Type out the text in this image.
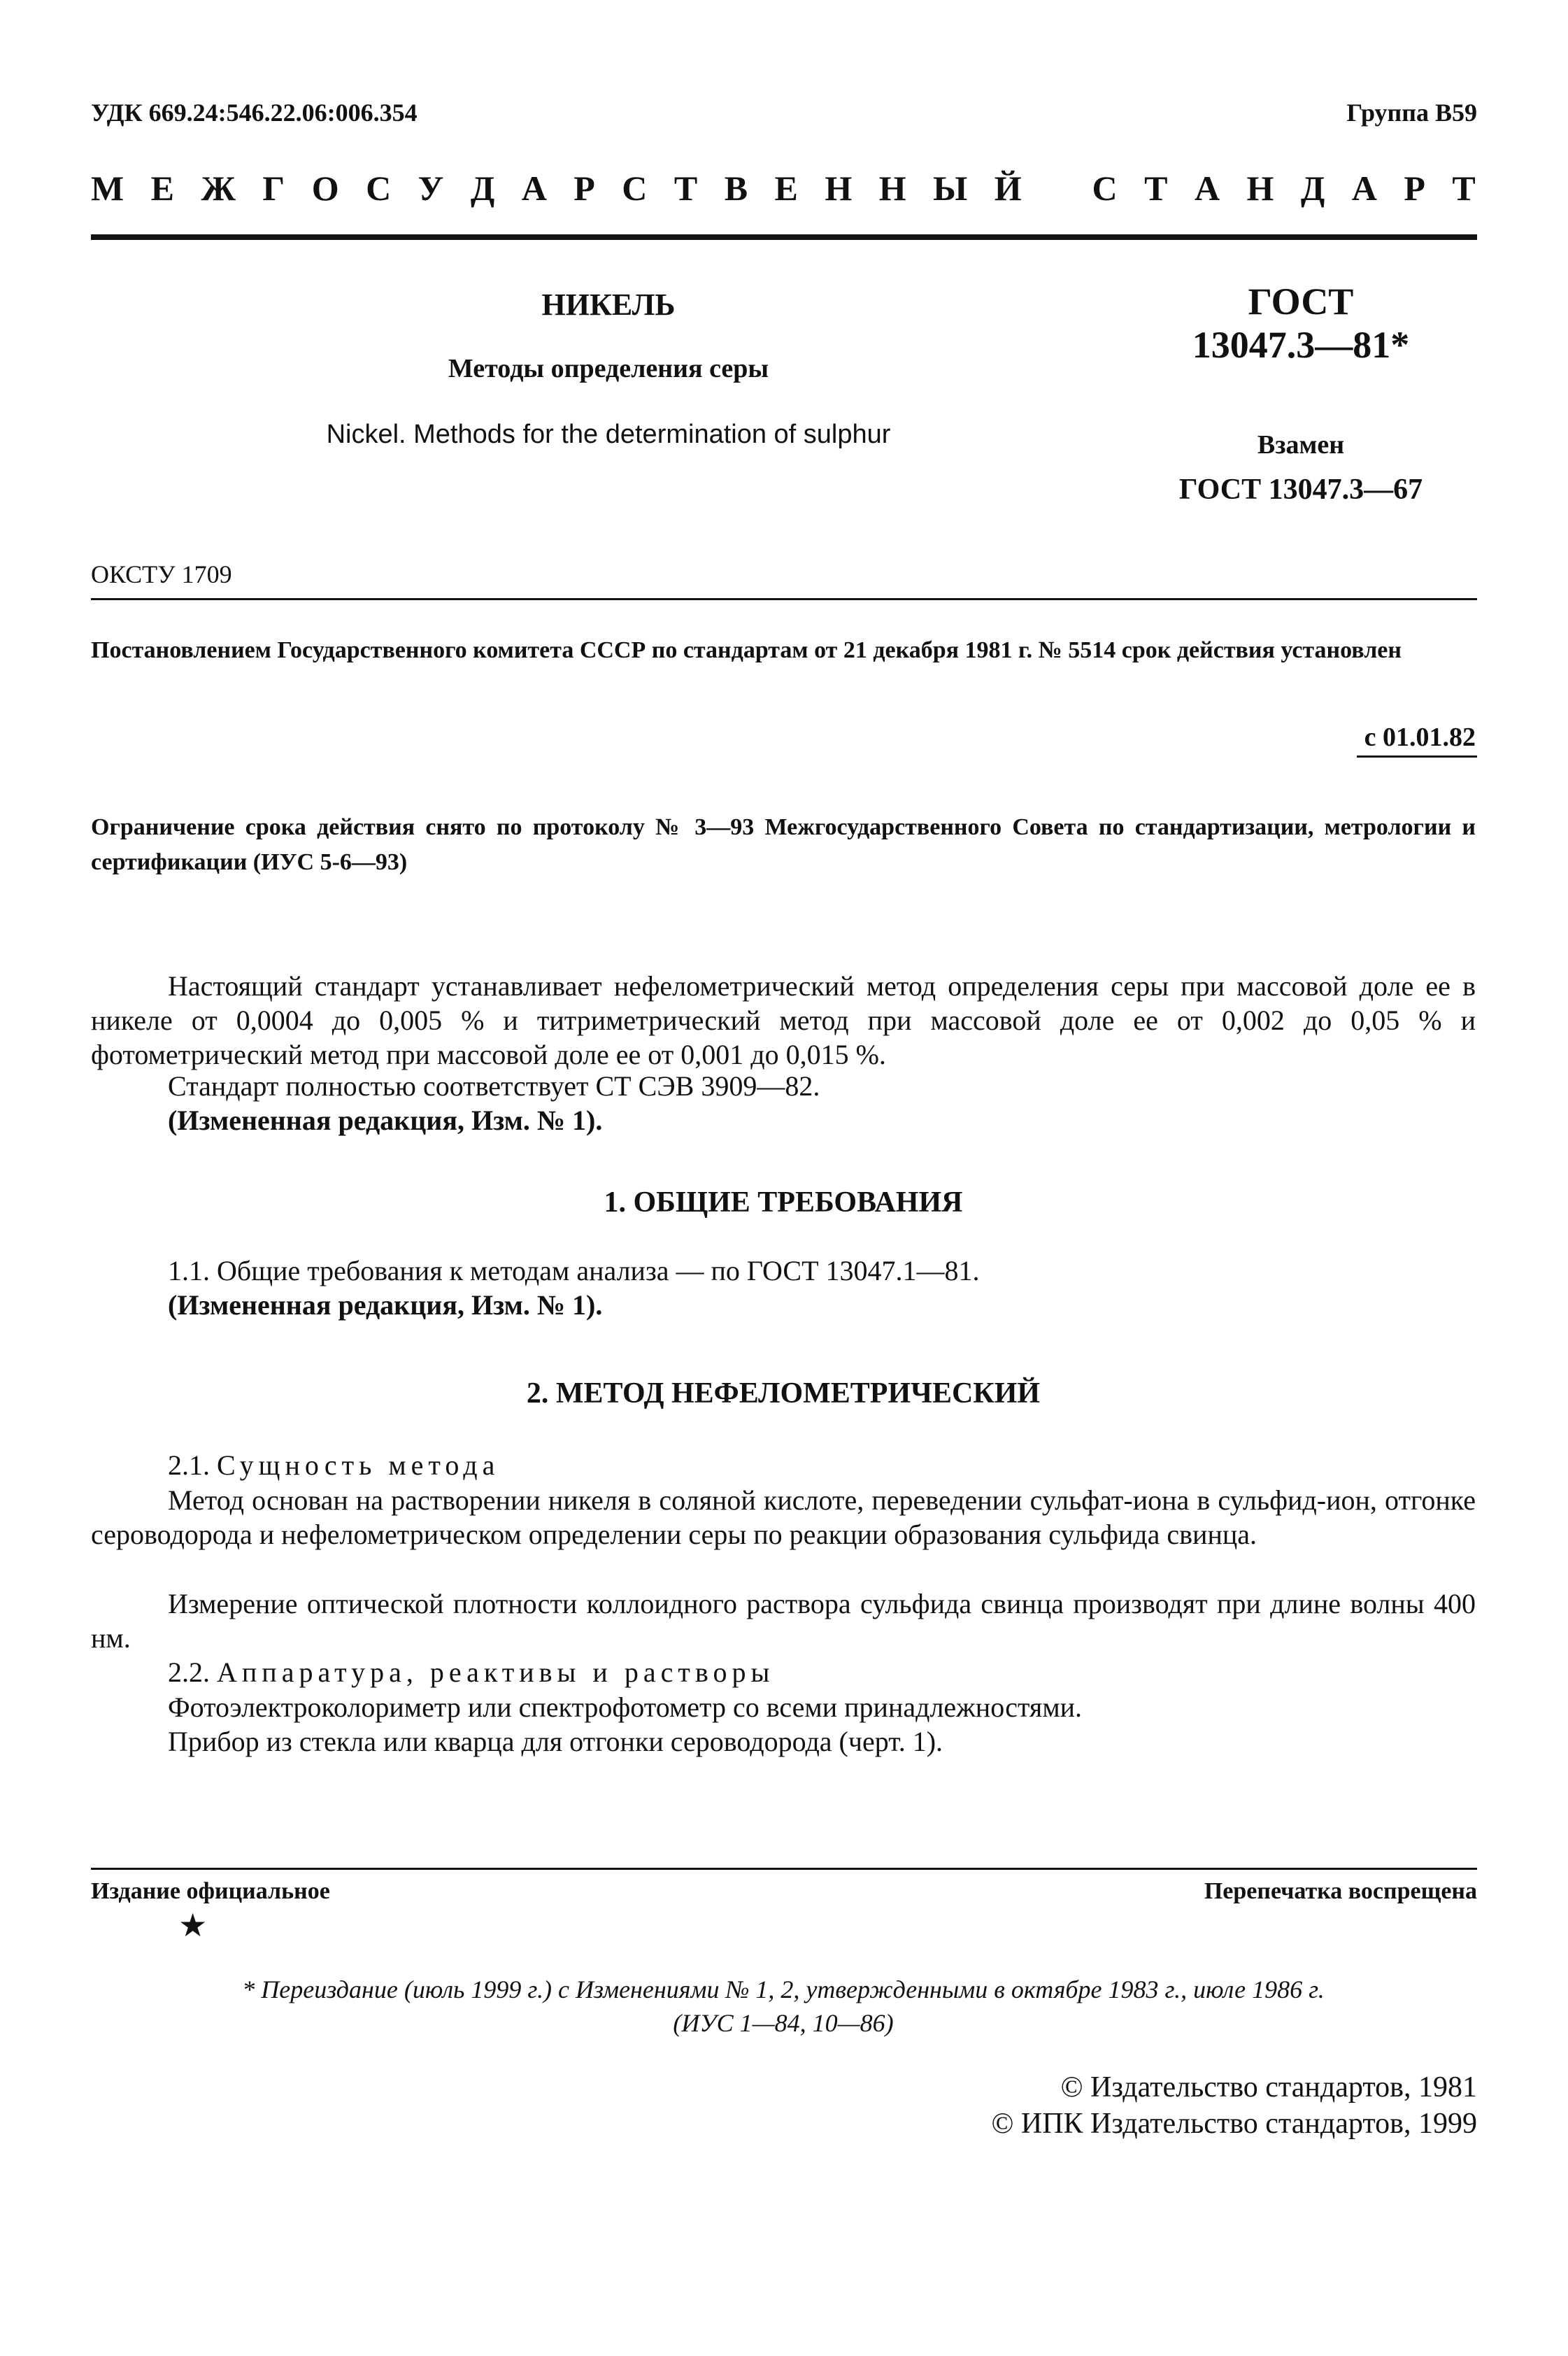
УДК 669.24:546.22.06:006.354	Группа В59
М Е Ж Г О С У Д А Р С Т В Е Н Н Ы Й С Т А Н Д А Р Т
НИКЕЛЬ
Методы определения серы
Nickel. Methods for the determination of sulphur
ГОСТ
13047.3—81*
Взамен
ГОСТ 13047.3—67
ОКСТУ 1709
Постановлением Государственного комитета СССР по стандартам от 21 декабря 1981 г. № 5514 срок действия установлен
с 01.01.82
Ограничение срока действия снято по протоколу № 3—93 Межгосударственного Совета по стандартизации, метрологии и сертификации (ИУС 5-6—93)
Настоящий стандарт устанавливает нефелометрический метод определения серы при массовой доле ее в никеле от 0,0004 до 0,005 % и титриметрический метод при массовой доле ее от 0,002 до 0,05 % и фотометрический метод при массовой доле ее от 0,001 до 0,015 %.
Стандарт полностью соответствует СТ СЭВ 3909—82.
(Измененная редакция, Изм. № 1).
1. ОБЩИЕ ТРЕБОВАНИЯ
1.1. Общие требования к методам анализа — по ГОСТ 13047.1—81.
(Измененная редакция, Изм. № 1).
2. МЕТОД НЕФЕЛОМЕТРИЧЕСКИЙ
2.1. Сущность метода
Метод основан на растворении никеля в соляной кислоте, переведении сульфат-иона в сульфид-ион, отгонке сероводорода и нефелометрическом определении серы по реакции образования сульфида свинца.
Измерение оптической плотности коллоидного раствора сульфида свинца производят при длине волны 400 нм.
2.2. Аппаратура, реактивы и растворы
Фотоэлектроколориметр или спектрофотометр со всеми принадлежностями.
Прибор из стекла или кварца для отгонки сероводорода (черт. 1).
Издание официальное	Перепечатка воспрещена
★
* Переиздание (июль 1999 г.) с Изменениями № 1, 2, утвержденными в октябре 1983 г., июле 1986 г.
(ИУС 1—84, 10—86)
© Издательство стандартов, 1981
© ИПК Издательство стандартов, 1999
